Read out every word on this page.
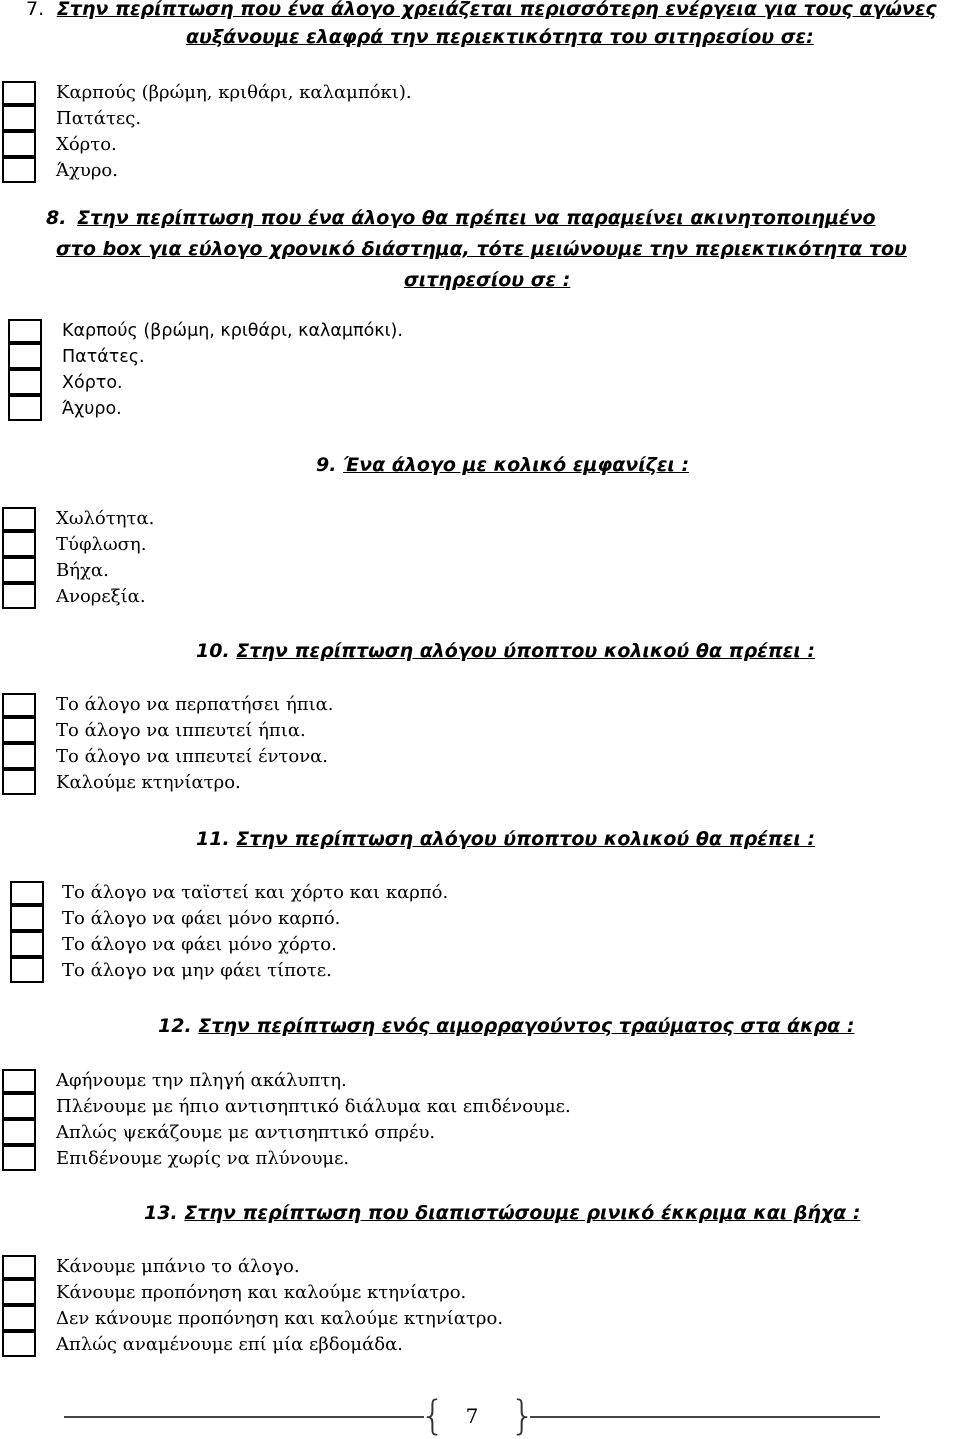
7. Στην περίπτωση που ένα άλογο χρειάζεται περισσότερη ενέργεια για τους αγώνες
αυξάνουμε ελαφρά την περιεκτικότητα του σιτηρεσίου σε:
Καρπούς (βρώμη, κριθάρι, καλαμπόκι).
Πατάτες.
Χόρτο.
Άχυρο.
8. Στην περίπτωση που ένα άλογο θα πρέπει να παραμείνει ακινητοποιημένο
στο box για εύλογο χρονικό διάστημα, τότε μειώνουμε την περιεκτικότητα του
σιτηρεσίου σε :
Καρπούς (βρώμη, κριθάρι, καλαμπόκι).
Πατάτες.
Χόρτο.
Άχυρο.
9. Ένα άλογο με κολικό εμφανίζει :
Χωλότητα.
Τύφλωση.
Βήχα.
Ανορεξία.
10. Στην περίπτωση αλόγου ύποπτου κολικού θα πρέπει :
Το άλογο να περπατήσει ήπια.
Το άλογο να ιππευτεί ήπια.
Το άλογο να ιππευτεί έντονα.
Καλούμε κτηνίατρο.
11. Στην περίπτωση αλόγου ύποπτου κολικού θα πρέπει :
Το άλογο να ταϊστεί και χόρτο και καρπό.
Το άλογο να φάει μόνο καρπό.
Το άλογο να φάει μόνο χόρτο.
Το άλογο να μην φάει τίποτε.
12. Στην περίπτωση ενός αιμορραγούντος τραύματος στα άκρα :
Αφήνουμε την πληγή ακάλυπτη.
Πλένουμε με ήπιο αντισηπτικό διάλυμα και επιδένουμε.
Απλώς ψεκάζουμε με αντισηπτικό σπρέυ.
Επιδένουμε χωρίς να πλύνουμε.
13. Στην περίπτωση που διαπιστώσουμε ρινικό έκκριμα και βήχα :
Κάνουμε μπάνιο το άλογο.
Κάνουμε προπόνηση και καλούμε κτηνίατρο.
Δεν κάνουμε προπόνηση και καλούμε κτηνίατρο.
Απλώς αναμένουμε επί μία εβδομάδα.
{ }
7
